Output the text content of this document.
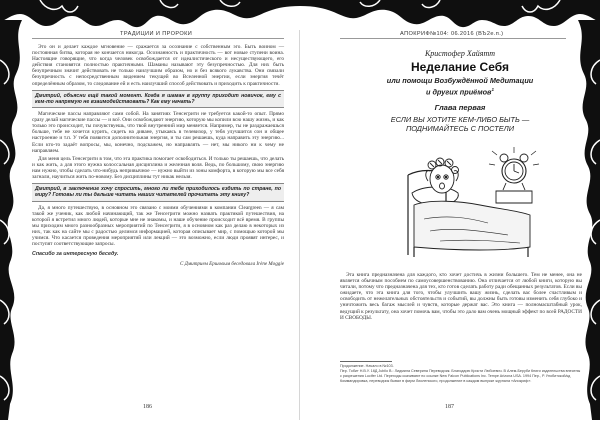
ТРАДИЦИИ И ПРОРОКИ

Это он и делает каждое мгновение — сражается за осознание с собственным эго. Быть воином — постоянная битва, которая не кончается никогда. Осознанность и практичность — вот новые ступени воина. Настоящие говорящие, что когда человек освобождается от идеалистического и несуществующего, его действия становятся полностью практичными. Шаманы называют эту безупречностью. Для них быть безупречным значит действовать не только наилучшим образом, но и без всякого лукавства. Они связали безупречность с непосредственным видением текущей во Вселенной энергии, если энергия течёт определённым образом, то следование ей и есть наилучший способ действовать и приходить к практичности.

Дмитрий, объясни ещё такой момент. Когда я шаман в группу приходит новичок, ему с кем-то напрямую не взаимодействовать? Как ему начать?

Магические пассы направляют сами собой. На занятиях Тенсегрити не требуется какой-то опыт. Прямо сразу делай магические пассы — и всё. Они освобождают энергию, которую мы копили всю нашу жизнь, и как только это происходит, ты почувствуешь, что твой внутренний мир меняется. Например, ты не раздражаешься больше, тебе не хочется курить, сидеть на диване, утыкаясь в телевизор, у тебя улучшится сон и общее настроение и т.п. У тебя появится дополнительная энергия, и ты сам решаешь, куда направить эту энергию... Если кто-то задаёт вопросы, мы, конечно, подскажем, но направлять — нет, мы никого ни к чему не направляем.

Для меня цель Тенсегрити в том, что эта практика помогает освободиться. И только ты решаешь, что делать и как жить, а для этого нужна колоссальная дисциплина и железная воля. Ведь, по большому, свою энергию нам нужно, чтобы сделать что-нибудь непривычное — нужно выйти из зоны комфорта, в которую мы все себя загнали, научиться жить по-новому. Без дисциплины тут никак нельзя.

Дмитрий, в заключение хочу спросить, много ли тебе приходилось ездить по стране, по миру? Готовы ли ты дальше читать наших читателей прочитать эту книгу?

Да, я много путешествую, в основном это связано с моими обучениями в компании Cleargreen — я сам такой же ученик, как любой начинающий, так же Тенсегрити можно назвать практикой путешествия, на которой я встретил много людей, которые мне не знакомы, и наше обучение происходит всё время. В группы мы приходим много разнообразных мероприятий по Тенсегрити, я в основном как раз делаю в некоторых из них, так как на сайте мы с радостью делимся информацией, которая описывает мир, с помощью которой мы учимся. Что касается проведения мероприятий или лекций — это возможно, если люди проявят интерес, и поступят соответствующие запросы.

Спасибо за интересную беседу.
С Дмитрием Ершовым беседовала Irène Moggie
186
АПОКРИФ№104: 06.2016 (ВЪ2е.п.)
187
Кристофер Хайятт
Неделание Себя
или помощи Возбуждённой Медитации
и других приёмов$^1$
Глава первая
ЕСЛИ ВЫ ХОТИТЕ КЕМ-ЛИБО БЫТЬ —
ПОДНИМАЙТЕСЬ С ПОСТЕЛИ

Эта книга предназначена для каждого, кто хочет достичь в жизни большего. Тем не менее, она не является обычным пособием по самоусовершенствованию. Она отличается от любой книги, которую вы читали, потому что предназначена для тех, кто готов сделать работу ради обещанных результатов. Если вы ожидаете, что эта книга для того, чтобы улучшить вашу жизнь, сделать вас более счастливым и освободить от нежелательных обстоятельств и событий, вы должны быть готовы изменить себя глубоко и уничтожить весь багаж мыслей и чувств, которые держат вас. Это книга — полномасштабный урок, ведущий к результату, она хочет помочь вам, чтобы это дало вам очень мощный эффект по всей РАДОСТИ И СВОБОДЫ.

Продолжение. Начало в №103.
Пер. Тобит Н.В.У. 16Д Jubilo В.: Лидмила Северина Переводчик. Благодарю Кристи Любоевич. В Алем-Беруби Книги издательства внесены с разрешения Lucifer Ltd. Переходы скачивают по ссылке New Falcon Publications Inc. Tempe Arizona USA. 1994 Пер., Р. Упобитской/кд
Коммандировка, переводчик бывал в фирм Лиоленского, продолжение в каждом выпуске журнала «Апокриф».
